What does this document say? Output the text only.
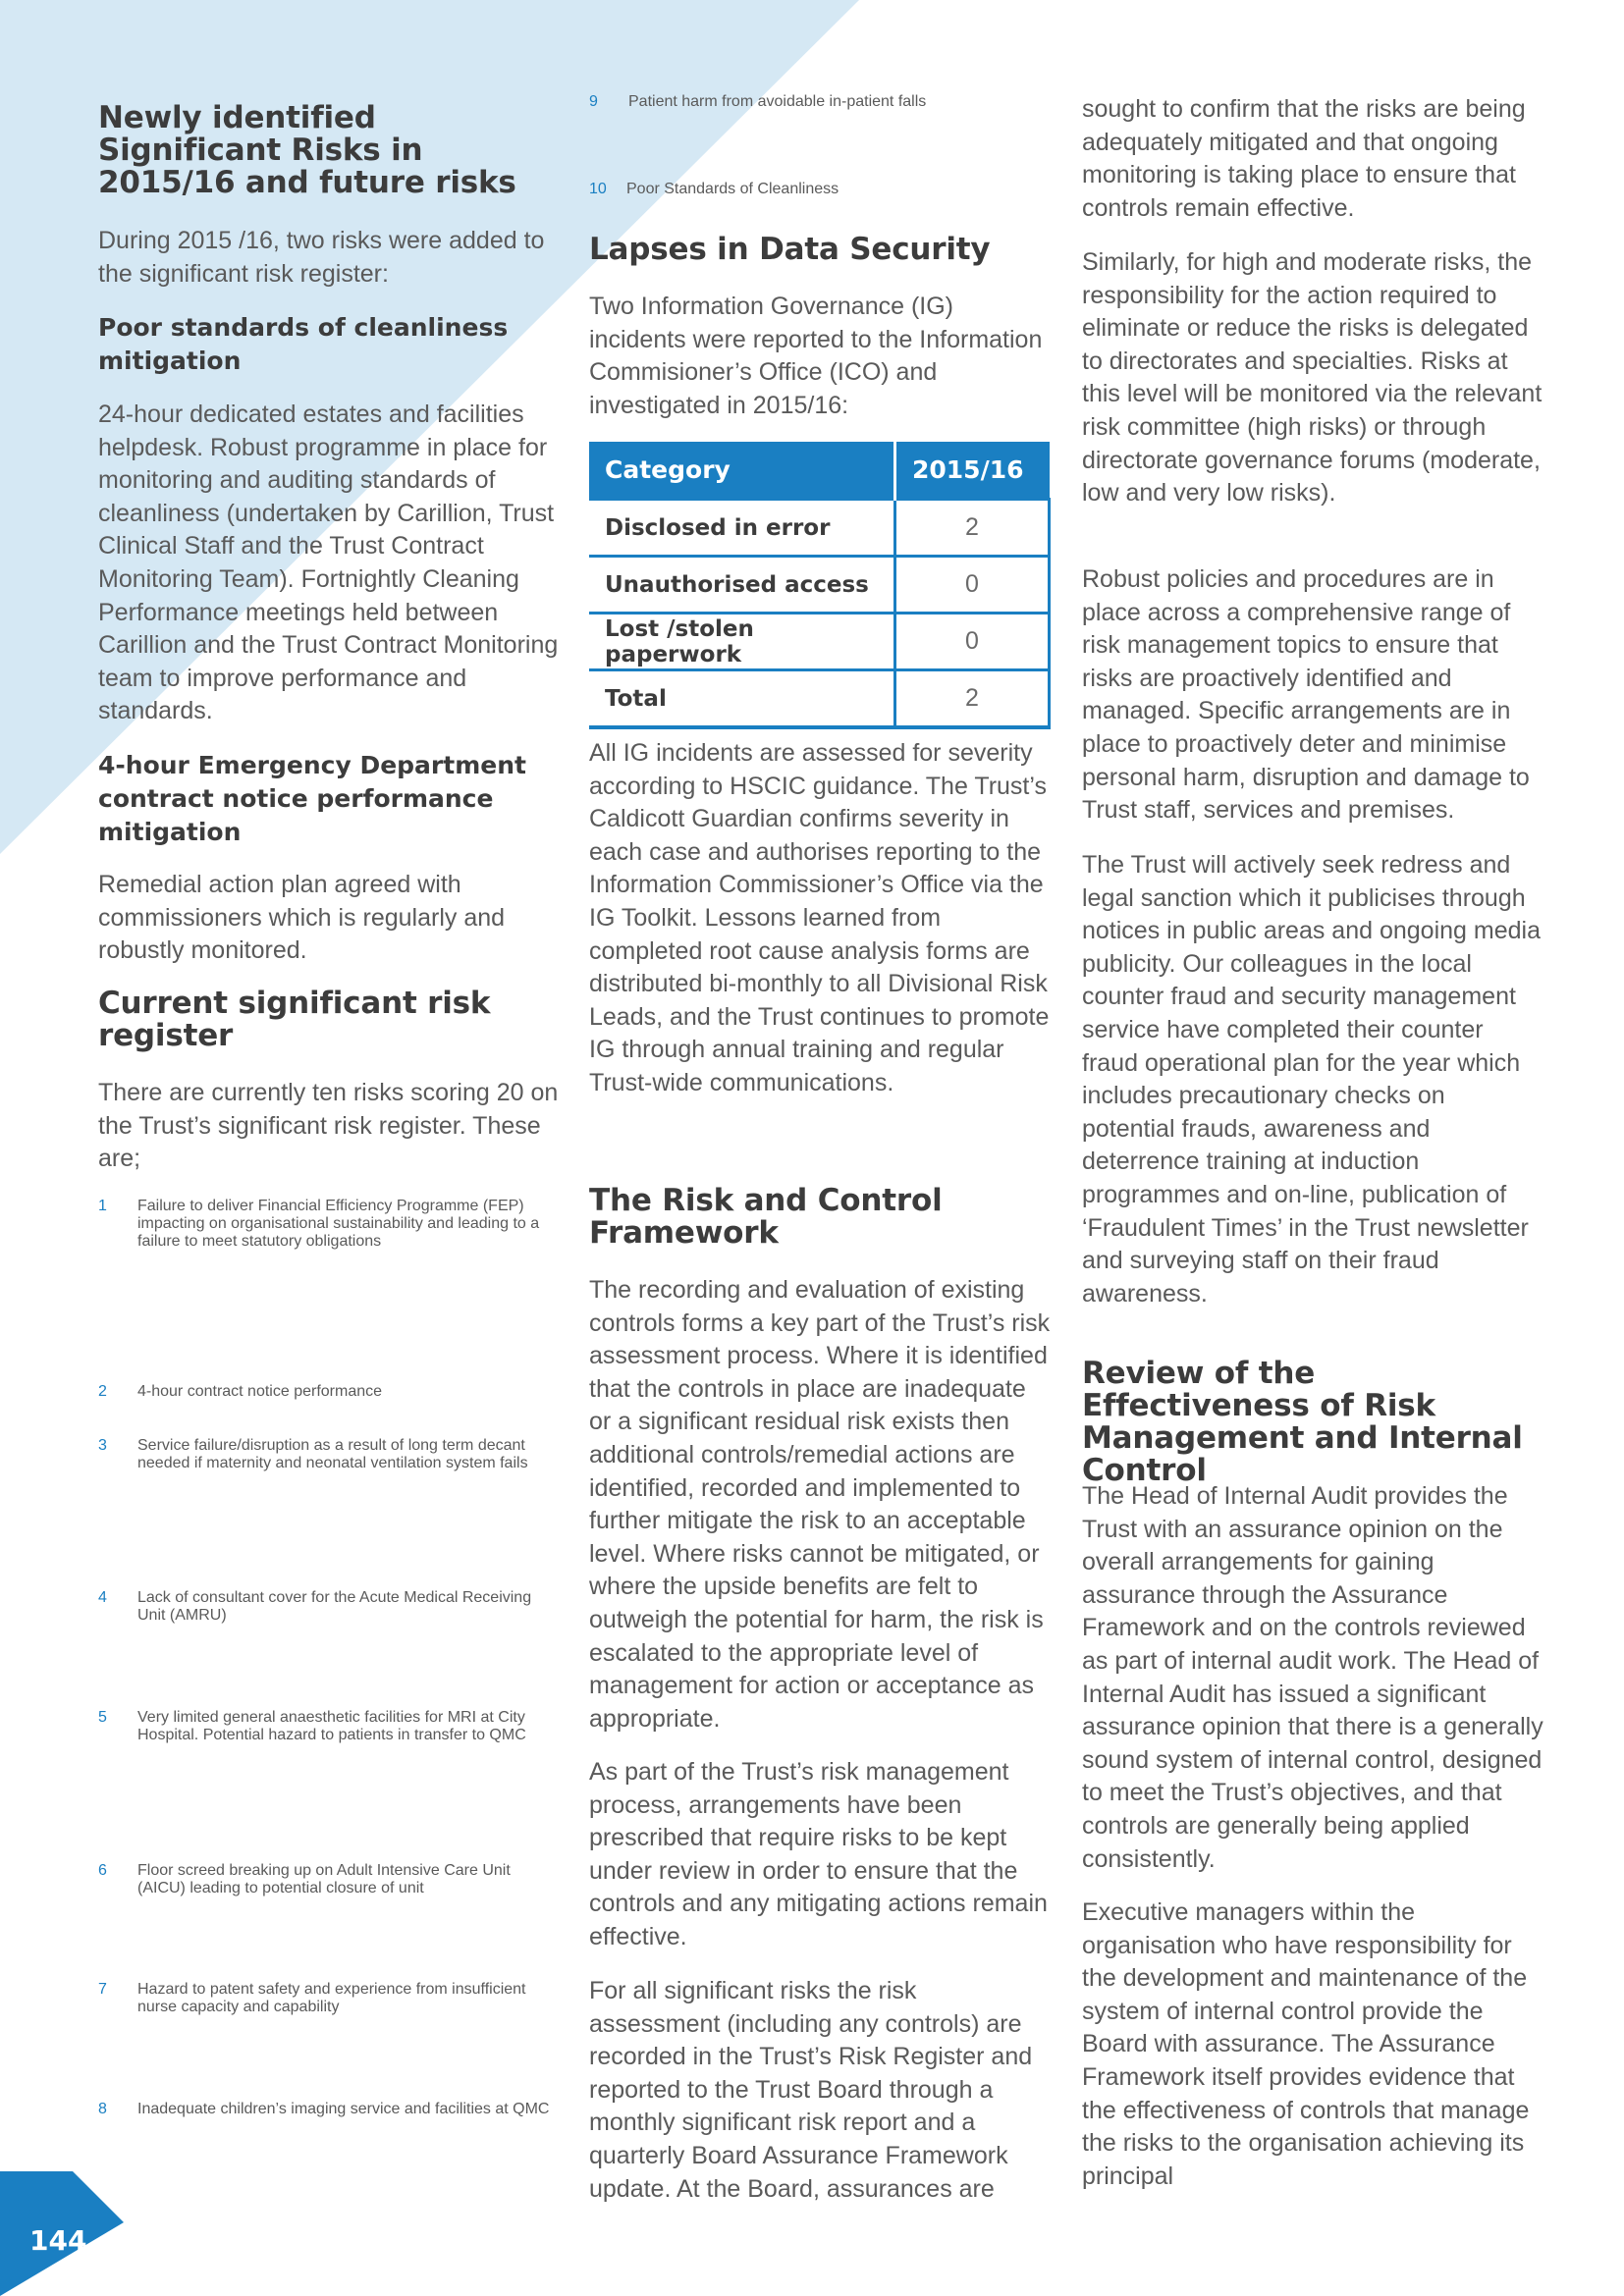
144
Newly identified Significant Risks in 2015/16 and future risks

During 2015 /16, two risks were added to the significant risk register:

Poor standards of cleanliness mitigation

24-hour dedicated estates and facilities helpdesk. Robust programme in place for monitoring and auditing standards of cleanliness (undertaken by Carillion, Trust Clinical Staff and the Trust Contract Monitoring Team). Fortnightly Cleaning Performance meetings held between Carillion and the Trust Contract Monitoring team to improve performance and standards.

4-hour Emergency Department contract notice performance mitigation

Remedial action plan agreed with commissioners which is regularly and robustly monitored.

Current significant risk register

There are currently ten risks scoring 20 on the Trust’s significant risk register. These are;

1	Failure to deliver Financial Efficiency Programme (FEP) impacting on organisational sustainability and leading to a failure to meet statutory obligations
2	4-hour contract notice performance
3	Service failure/disruption as a result of long term decant needed if maternity and neonatal ventilation system fails
4	Lack of consultant cover for the Acute Medical Receiving Unit (AMRU)
5	Very limited general anaesthetic facilities for MRI at City Hospital. Potential hazard to patients in transfer to QMC
6	Floor screed breaking up on Adult Intensive Care Unit (AICU) leading to potential closure of unit
7	Hazard to patent safety and experience from insufficient nurse capacity and capability
8	Inadequate children’s imaging service and facilities at QMC
9	Patient harm from avoidable in-patient falls
10	Poor Standards of Cleanliness
Lapses in Data Security

Two Information Governance (IG) incidents were reported to the Information Commisioner’s Office (ICO) and investigated in 2015/16:

Category	2015/16
Disclosed in error	2
Unauthorised access	0
Lost /stolen paperwork	0
Total	2

All IG incidents are assessed for severity according to HSCIC guidance. The Trust’s Caldicott Guardian confirms severity in each case and authorises reporting to the Information Commissioner’s Office via the IG Toolkit. Lessons learned from completed root cause analysis forms are distributed bi-monthly to all Divisional Risk Leads, and the Trust continues to promote IG through annual training and regular Trust-wide communications.

The Risk and Control Framework

The recording and evaluation of existing controls forms a key part of the Trust’s risk assessment process. Where it is identified that the controls in place are inadequate or a significant residual risk exists then additional controls/remedial actions are identified, recorded and implemented to further mitigate the risk to an acceptable level. Where risks cannot be mitigated, or where the upside benefits are felt to outweigh the potential for harm, the risk is escalated to the appropriate level of management for action or acceptance as appropriate.

As part of the Trust’s risk management process, arrangements have been prescribed that require risks to be kept under review in order to ensure that the controls and any mitigating actions remain effective.

For all significant risks the risk assessment (including any controls) are recorded in the Trust’s Risk Register and reported to the Trust Board through a monthly significant risk report and a quarterly Board Assurance Framework update. At the Board, assurances are

sought to confirm that the risks are being adequately mitigated and that ongoing monitoring is taking place to ensure that controls remain effective.

Similarly, for high and moderate risks, the responsibility for the action required to eliminate or reduce the risks is delegated to directorates and specialties. Risks at this level will be monitored via the relevant risk committee (high risks) or through directorate governance forums (moderate, low and very low risks).

Robust policies and procedures are in place across a comprehensive range of risk management topics to ensure that risks are proactively identified and managed. Specific arrangements are in place to proactively deter and minimise personal harm, disruption and damage to Trust staff, services and premises.

The Trust will actively seek redress and legal sanction which it publicises through notices in public areas and ongoing media publicity. Our colleagues in the local counter fraud and security management service have completed their counter fraud operational plan for the year which includes precautionary checks on potential frauds, awareness and deterrence training at induction programmes and on-line, publication of ‘Fraudulent Times’ in the Trust newsletter and surveying staff on their fraud awareness.

Review of the Effectiveness of Risk Management and Internal Control

The Head of Internal Audit provides the Trust with an assurance opinion on the overall arrangements for gaining assurance through the Assurance Framework and on the controls reviewed as part of internal audit work. The Head of Internal Audit has issued a significant assurance opinion that there is a generally sound system of internal control, designed to meet the Trust’s objectives, and that controls are generally being applied consistently.

Executive managers within the organisation who have responsibility for the development and maintenance of the system of internal control provide the Board with assurance. The Assurance Framework itself provides evidence that the effectiveness of controls that manage the risks to the organisation achieving its principal
